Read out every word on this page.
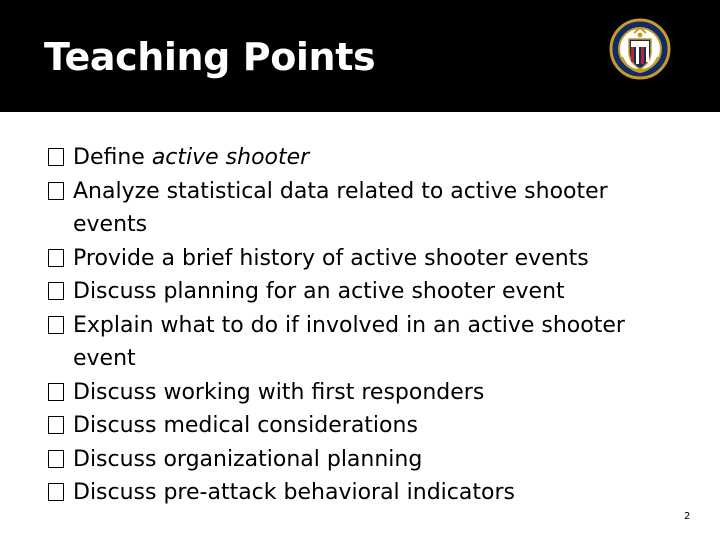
Teaching Points
Define active shooter
Analyze statistical data related to active shooter events
Provide a brief history of active shooter events
Discuss planning for an active shooter event
Explain what to do if involved in an active shooter event
Discuss working with first responders
Discuss medical considerations
Discuss organizational planning
Discuss pre-attack behavioral indicators
2
